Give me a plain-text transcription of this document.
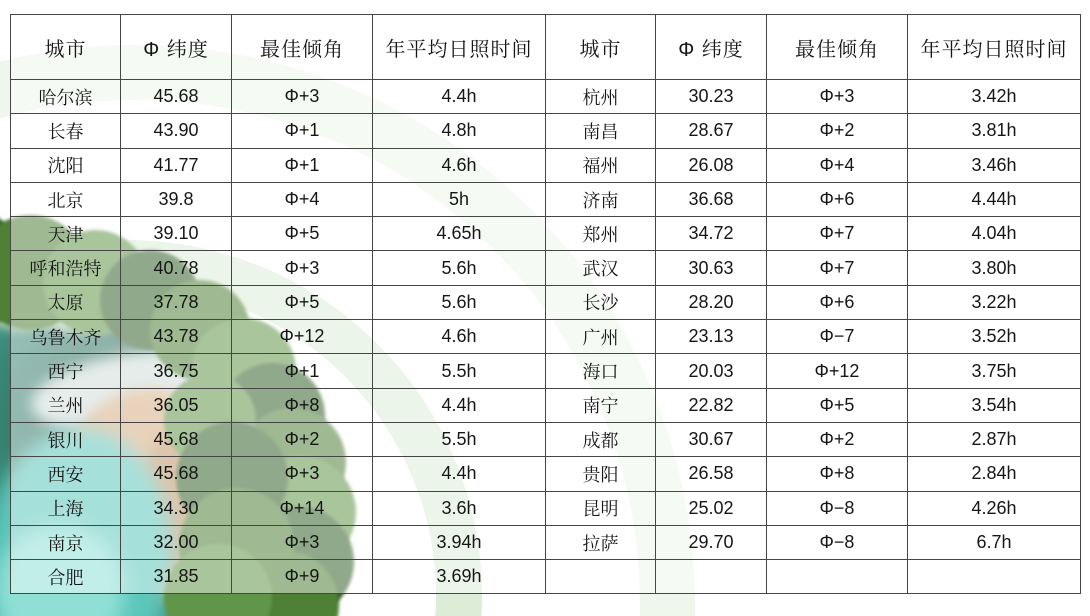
城市	Φ 纬度	最佳倾角	年平均日照时间	城市	Φ 纬度	最佳倾角	年平均日照时间
哈尔滨	45.68	Φ+3	4.4h	杭州	30.23	Φ+3	3.42h
长春	43.90	Φ+1	4.8h	南昌	28.67	Φ+2	3.81h
沈阳	41.77	Φ+1	4.6h	福州	26.08	Φ+4	3.46h
北京	39.8	Φ+4	5h	济南	36.68	Φ+6	4.44h
天津	39.10	Φ+5	4.65h	郑州	34.72	Φ+7	4.04h
呼和浩特	40.78	Φ+3	5.6h	武汉	30.63	Φ+7	3.80h
太原	37.78	Φ+5	5.6h	长沙	28.20	Φ+6	3.22h
乌鲁木齐	43.78	Φ+12	4.6h	广州	23.13	Φ−7	3.52h
西宁	36.75	Φ+1	5.5h	海口	20.03	Φ+12	3.75h
兰州	36.05	Φ+8	4.4h	南宁	22.82	Φ+5	3.54h
银川	45.68	Φ+2	5.5h	成都	30.67	Φ+2	2.87h
西安	45.68	Φ+3	4.4h	贵阳	26.58	Φ+8	2.84h
上海	34.30	Φ+14	3.6h	昆明	25.02	Φ−8	4.26h
南京	32.00	Φ+3	3.94h	拉萨	29.70	Φ−8	6.7h
合肥	31.85	Φ+9	3.69h				
